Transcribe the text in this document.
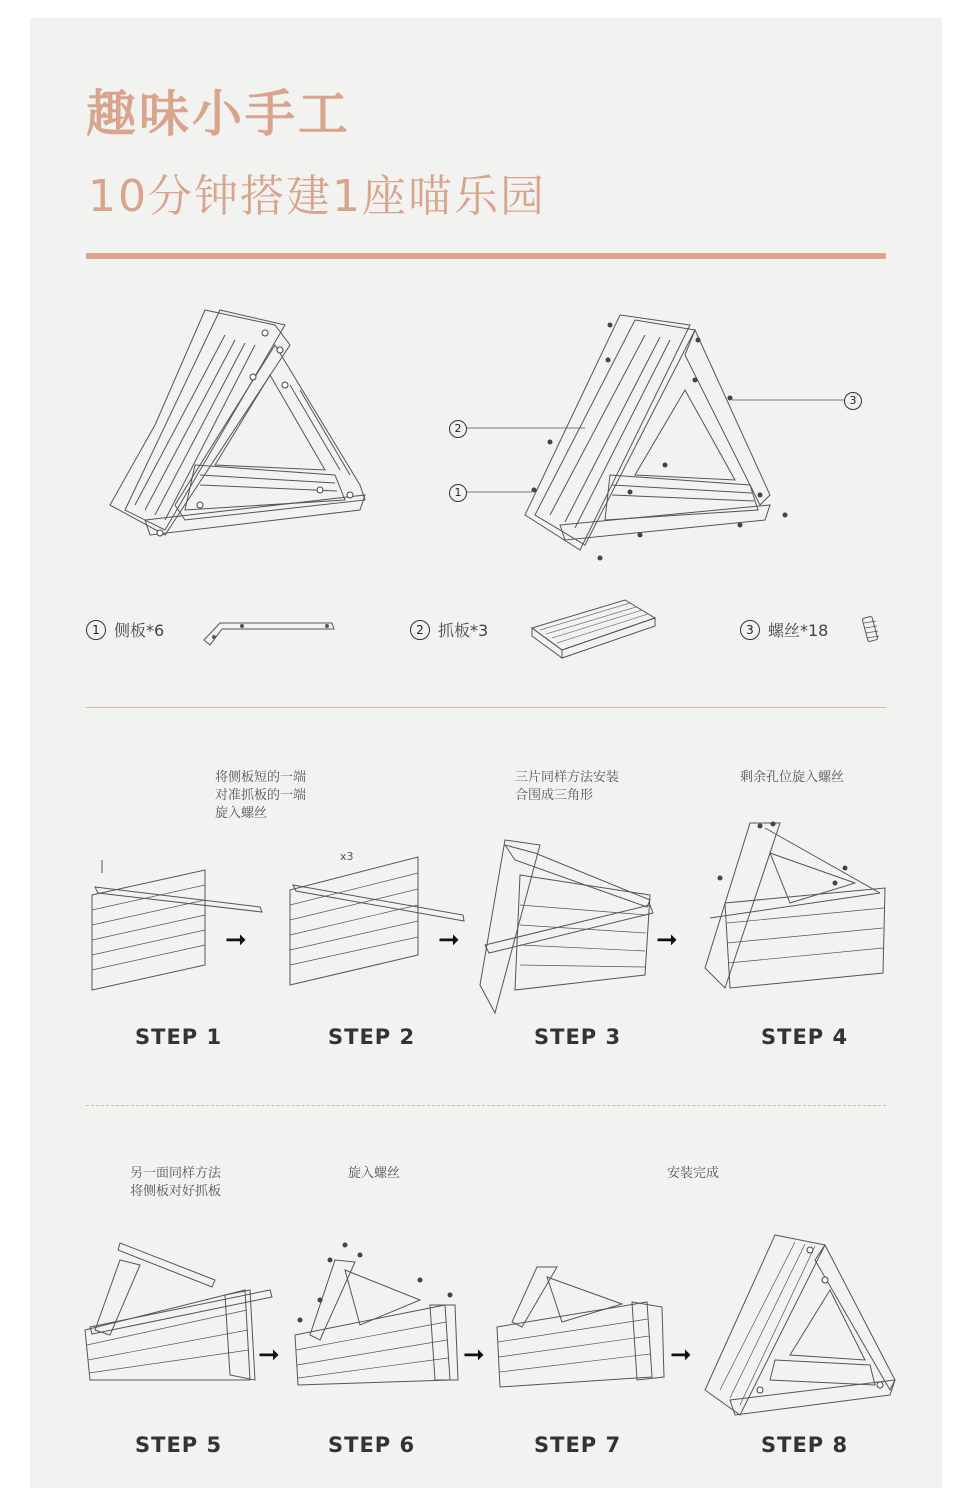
趣味小手工
10分钟搭建1座喵乐园
2
1
3
1 侧板*6	2 抓板*3	3 螺丝*18
将侧板短的一端
对准抓板的一端
旋入螺丝
三片同样方法安装
合围成三角形
剩余孔位旋入螺丝
x3
➞	➞	➞
STEP 1	STEP 2	STEP 3	STEP 4
另一面同样方法
将侧板对好抓板
旋入螺丝	安装完成
➞	➞	➞
STEP 5	STEP 6	STEP 7	STEP 8
